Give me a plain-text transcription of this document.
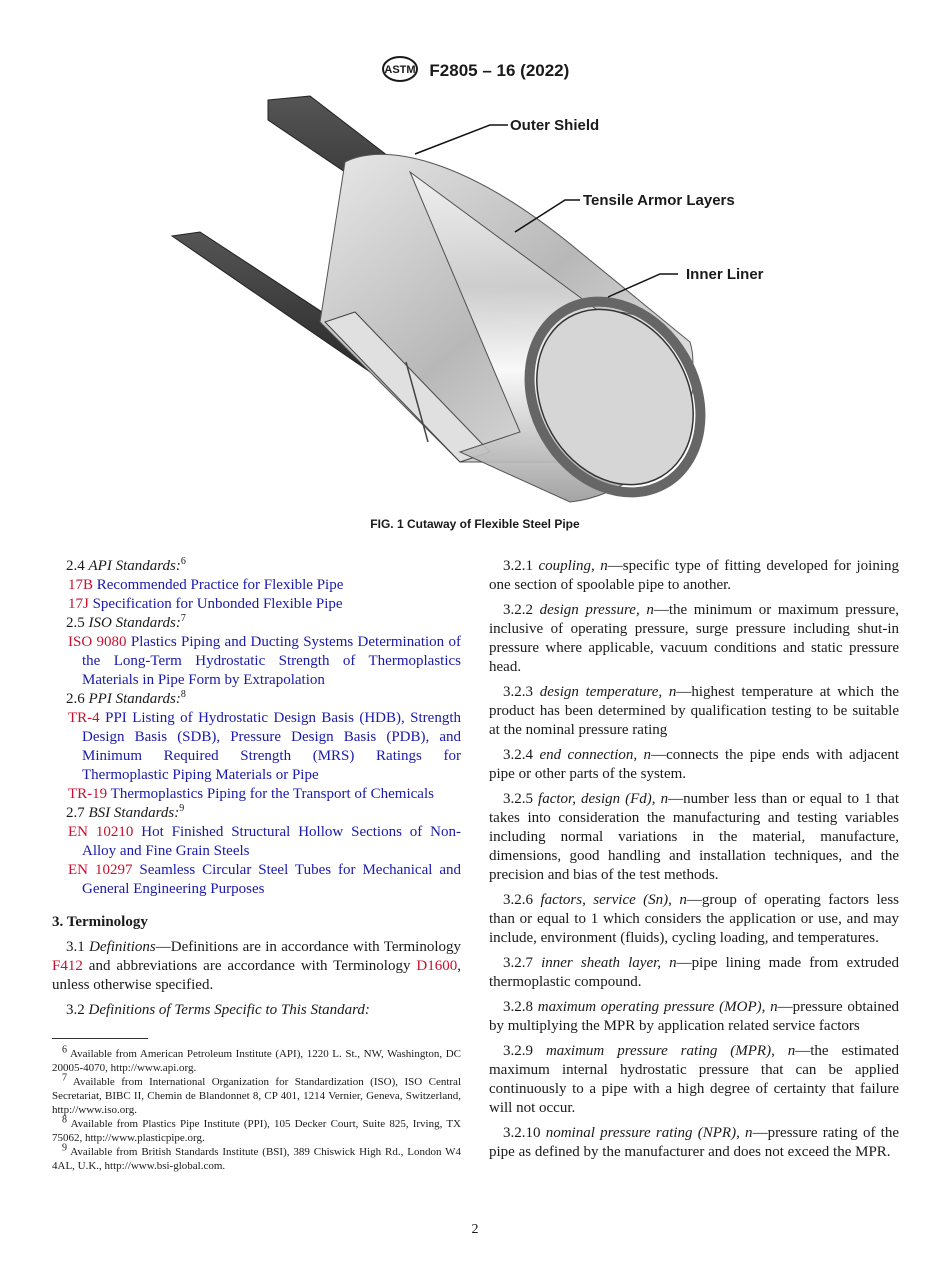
ASTM F2805 – 16 (2022)
Outer Shield
Tensile Armor Layers
Inner Liner
FIG. 1 Cutaway of Flexible Steel Pipe

2.4 API Standards:$^6$

17B Recommended Practice for Flexible Pipe

17J Specification for Unbonded Flexible Pipe

2.5 ISO Standards:$^7$

ISO 9080 Plastics Piping and Ducting Systems Determination of the Long-Term Hydrostatic Strength of Thermoplastics Materials in Pipe Form by Extrapolation

2.6 PPI Standards:$^8$

TR-4 PPI Listing of Hydrostatic Design Basis (HDB), Strength Design Basis (SDB), Pressure Design Basis (PDB), and Minimum Required Strength (MRS) Ratings for Thermoplastic Piping Materials or Pipe

TR-19 Thermoplastics Piping for the Transport of Chemicals

2.7 BSI Standards:$^9$

EN 10210 Hot Finished Structural Hollow Sections of Non-Alloy and Fine Grain Steels

EN 10297 Seamless Circular Steel Tubes for Mechanical and General Engineering Purposes

3. Terminology

3.1 Definitions—Definitions are in accordance with Terminology F412 and abbreviations are accordance with Terminology D1600, unless otherwise specified.

3.2 Definitions of Terms Specific to This Standard:

$^6$ Available from American Petroleum Institute (API), 1220 L. St., NW, Washington, DC 20005-4070, http://www.api.org.

$^7$ Available from International Organization for Standardization (ISO), ISO Central Secretariat, BIBC II, Chemin de Blandonnet 8, CP 401, 1214 Vernier, Geneva, Switzerland, http://www.iso.org.

$^8$ Available from Plastics Pipe Institute (PPI), 105 Decker Court, Suite 825, Irving, TX 75062, http://www.plasticpipe.org.

$^9$ Available from British Standards Institute (BSI), 389 Chiswick High Rd., London W4 4AL, U.K., http://www.bsi-global.com.

3.2.1 coupling, n—specific type of fitting developed for joining one section of spoolable pipe to another.

3.2.2 design pressure, n—the minimum or maximum pressure, inclusive of operating pressure, surge pressure including shut-in pressure where applicable, vacuum conditions and static pressure head.

3.2.3 design temperature, n—highest temperature at which the product has been determined by qualification testing to be suitable at the nominal pressure rating

3.2.4 end connection, n—connects the pipe ends with adjacent pipe or other parts of the system.

3.2.5 factor, design (Fd), n—number less than or equal to 1 that takes into consideration the manufacturing and testing variables including normal variations in the material, manufacture, dimensions, good handling and installation techniques, and the precision and bias of the test methods.

3.2.6 factors, service (Sn), n—group of operating factors less than or equal to 1 which considers the application or use, and may include, environment (fluids), cycling loading, and temperatures.

3.2.7 inner sheath layer, n—pipe lining made from extruded thermoplastic compound.

3.2.8 maximum operating pressure (MOP), n—pressure obtained by multiplying the MPR by application related service factors

3.2.9 maximum pressure rating (MPR), n—the estimated maximum internal hydrostatic pressure that can be applied continuously to a pipe with a high degree of certainty that failure will not occur.

3.2.10 nominal pressure rating (NPR), n—pressure rating of the pipe as defined by the manufacturer and does not exceed the MPR.

2
